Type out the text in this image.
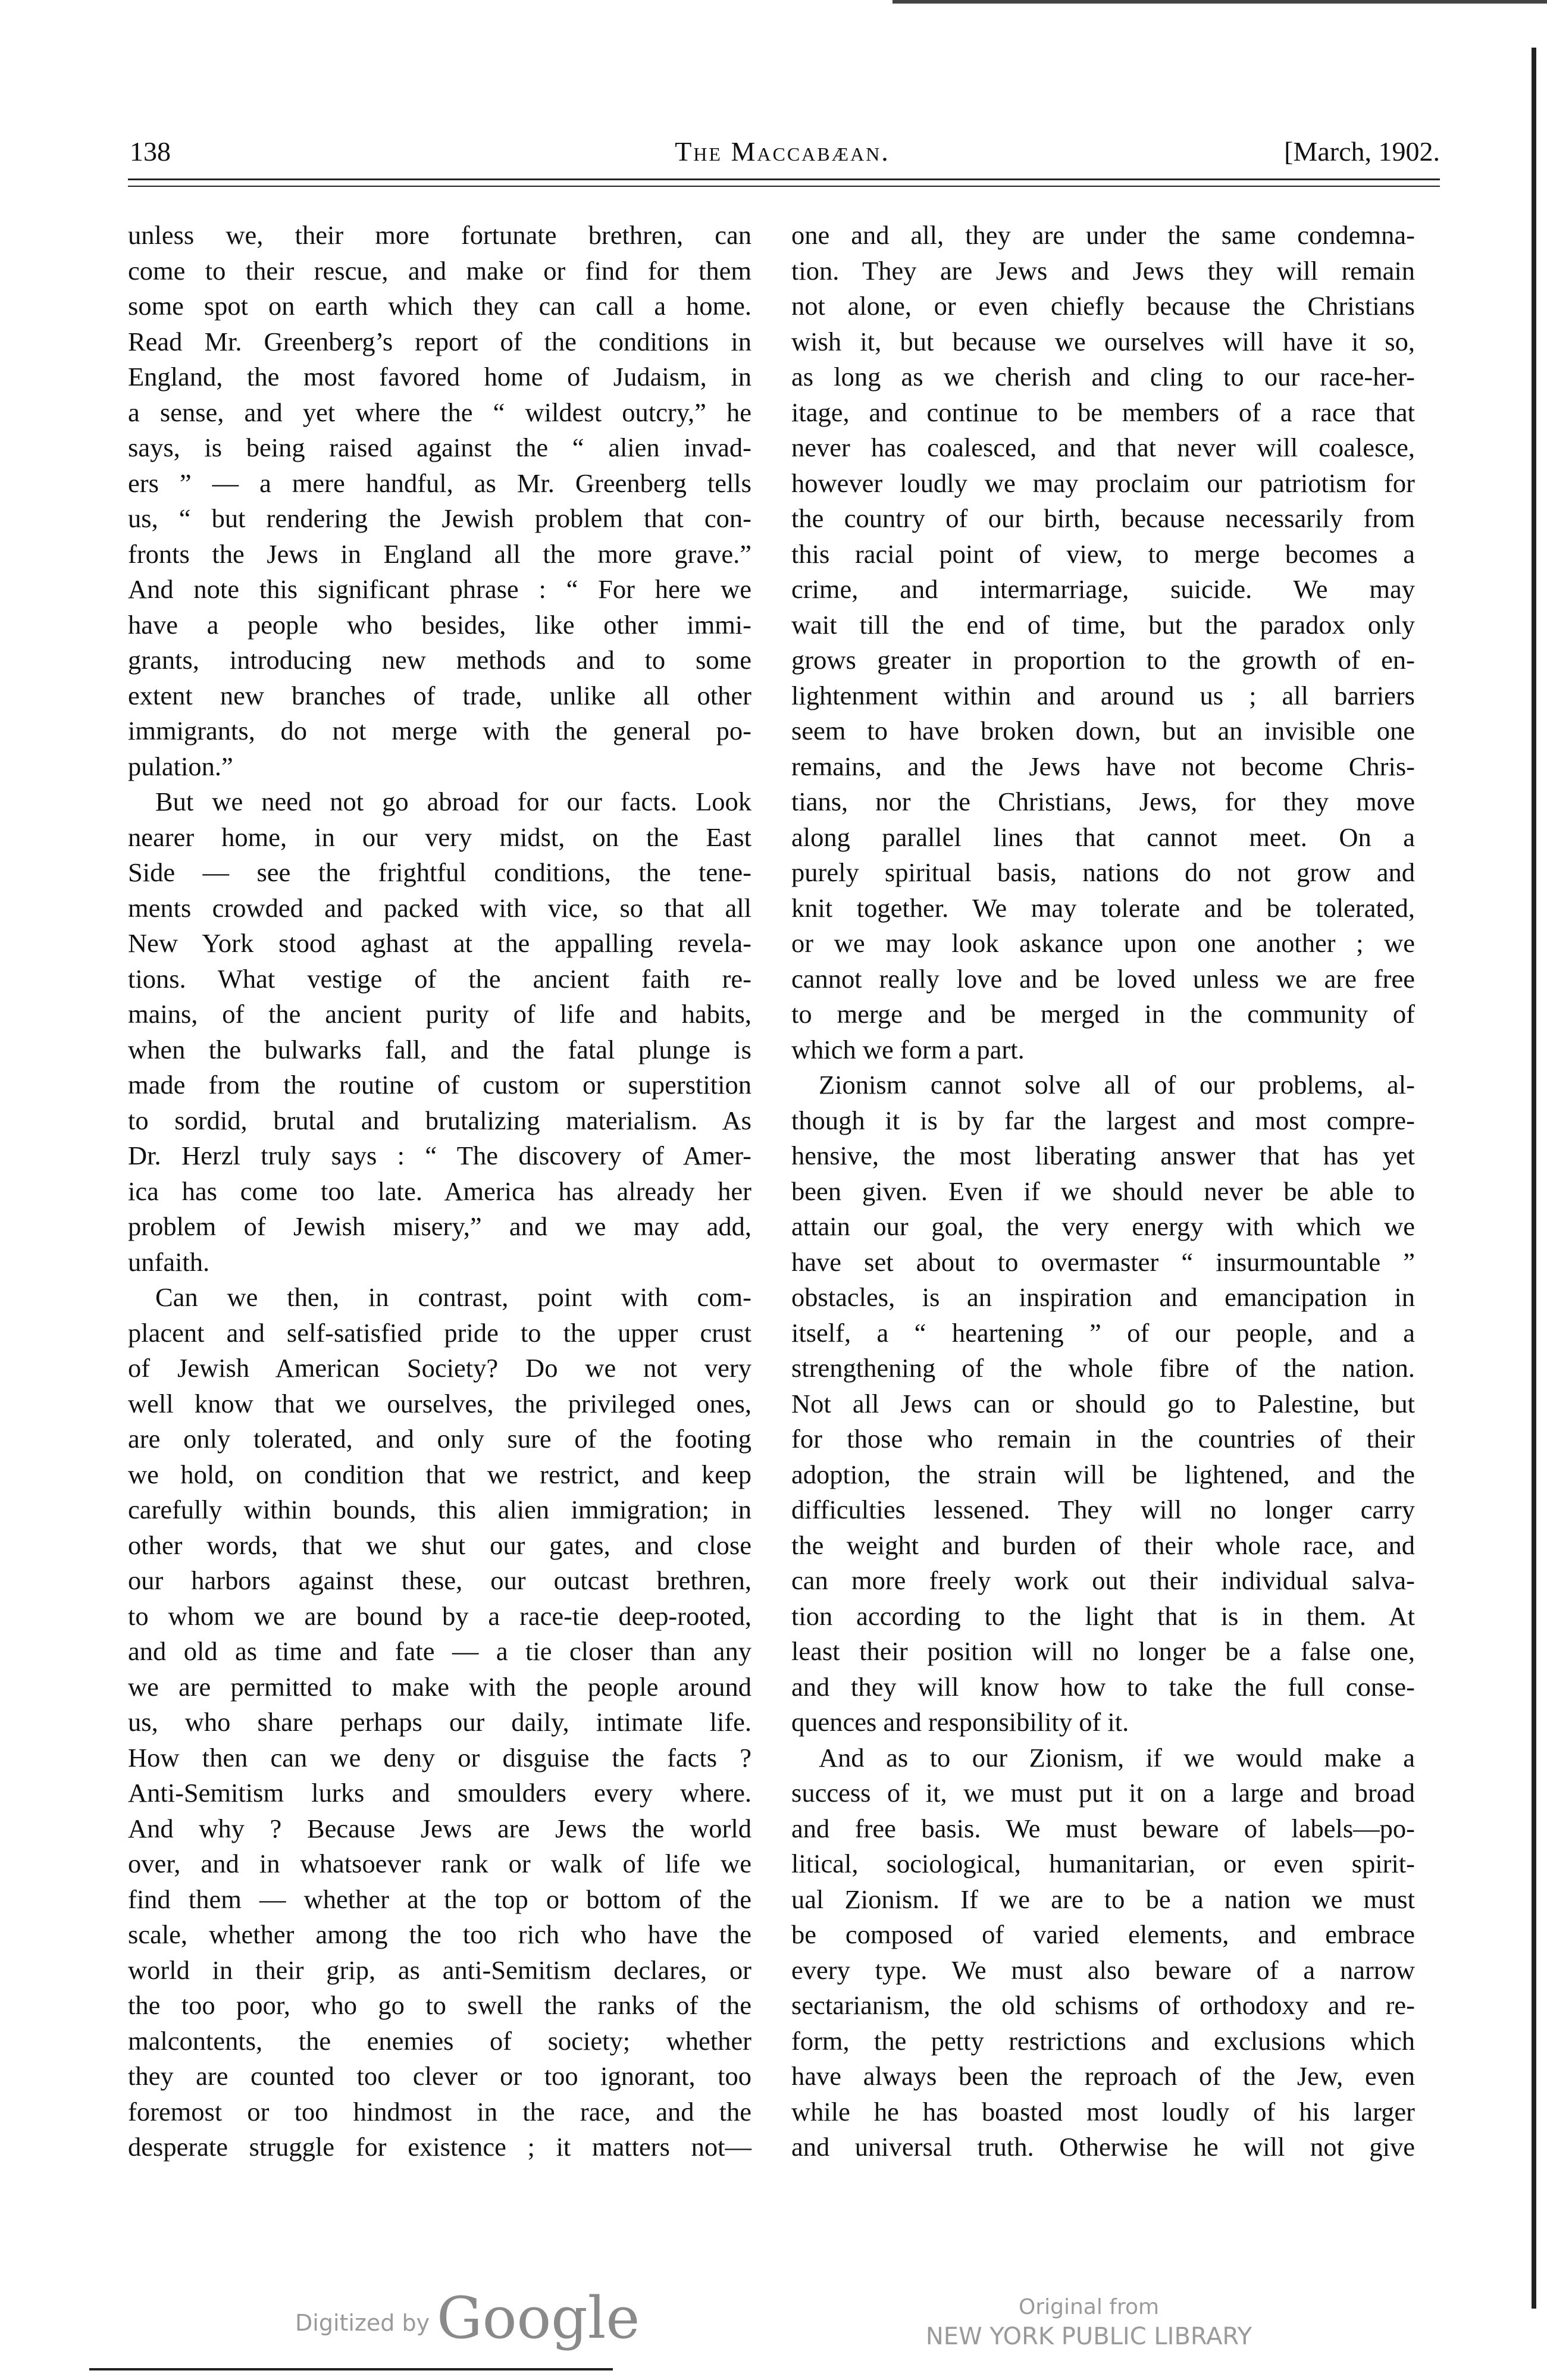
138	The Maccabæan.	[March, 1902.
unless we, their more fortunate brethren, can
come to their rescue, and make or find for them
some spot on earth which they can call a home.
Read Mr. Greenberg’s report of the conditions in
England, the most favored home of Judaism, in
a sense, and yet where the “ wildest outcry,” he
says, is being raised against the “ alien invad-
ers ” — a mere handful, as Mr. Greenberg tells
us, “ but rendering the Jewish problem that con-
fronts the Jews in England all the more grave.”
And note this significant phrase : “ For here we
have a people who besides, like other immi-
grants, introducing new methods and to some
extent new branches of trade, unlike all other
immigrants, do not merge with the general po-
pulation.”
But we need not go abroad for our facts. Look
nearer home, in our very midst, on the East
Side — see the frightful conditions, the tene-
ments crowded and packed with vice, so that all
New York stood aghast at the appalling revela-
tions. What vestige of the ancient faith re-
mains, of the ancient purity of life and habits,
when the bulwarks fall, and the fatal plunge is
made from the routine of custom or superstition
to sordid, brutal and brutalizing materialism. As
Dr. Herzl truly says : “ The discovery of Amer-
ica has come too late. America has already her
problem of Jewish misery,” and we may add,
unfaith.
Can we then, in contrast, point with com-
placent and self-satisfied pride to the upper crust
of Jewish American Society? Do we not very
well know that we ourselves, the privileged ones,
are only tolerated, and only sure of the footing
we hold, on condition that we restrict, and keep
carefully within bounds, this alien immigration; in
other words, that we shut our gates, and close
our harbors against these, our outcast brethren,
to whom we are bound by a race-tie deep-rooted,
and old as time and fate — a tie closer than any
we are permitted to make with the people around
us, who share perhaps our daily, intimate life.
How then can we deny or disguise the facts ?
Anti-Semitism lurks and smoulders every where.
And why ? Because Jews are Jews the world
over, and in whatsoever rank or walk of life we
find them — whether at the top or bottom of the
scale, whether among the too rich who have the
world in their grip, as anti-Semitism declares, or
the too poor, who go to swell the ranks of the
malcontents, the enemies of society; whether
they are counted too clever or too ignorant, too
foremost or too hindmost in the race, and the
desperate struggle for existence ; it matters not—
one and all, they are under the same condemna-
tion. They are Jews and Jews they will remain
not alone, or even chiefly because the Christians
wish it, but because we ourselves will have it so,
as long as we cherish and cling to our race-her-
itage, and continue to be members of a race that
never has coalesced, and that never will coalesce,
however loudly we may proclaim our patriotism for
the country of our birth, because necessarily from
this racial point of view, to merge becomes a
crime, and intermarriage, suicide. We may
wait till the end of time, but the paradox only
grows greater in proportion to the growth of en-
lightenment within and around us ; all barriers
seem to have broken down, but an invisible one
remains, and the Jews have not become Chris-
tians, nor the Christians, Jews, for they move
along parallel lines that cannot meet. On a
purely spiritual basis, nations do not grow and
knit together. We may tolerate and be tolerated,
or we may look askance upon one another ; we
cannot really love and be loved unless we are free
to merge and be merged in the community of
which we form a part.
Zionism cannot solve all of our problems, al-
though it is by far the largest and most compre-
hensive, the most liberating answer that has yet
been given. Even if we should never be able to
attain our goal, the very energy with which we
have set about to overmaster “ insurmountable ”
obstacles, is an inspiration and emancipation in
itself, a “ heartening ” of our people, and a
strengthening of the whole fibre of the nation.
Not all Jews can or should go to Palestine, but
for those who remain in the countries of their
adoption, the strain will be lightened, and the
difficulties lessened. They will no longer carry
the weight and burden of their whole race, and
can more freely work out their individual salva-
tion according to the light that is in them. At
least their position will no longer be a false one,
and they will know how to take the full conse-
quences and responsibility of it.
And as to our Zionism, if we would make a
success of it, we must put it on a large and broad
and free basis. We must beware of labels—po-
litical, sociological, humanitarian, or even spirit-
ual Zionism. If we are to be a nation we must
be composed of varied elements, and embrace
every type. We must also beware of a narrow
sectarianism, the old schisms of orthodoxy and re-
form, the petty restrictions and exclusions which
have always been the reproach of the Jew, even
while he has boasted most loudly of his larger
and universal truth. Otherwise he will not give
Digitized by Google	Original from
NEW YORK PUBLIC LIBRARY
